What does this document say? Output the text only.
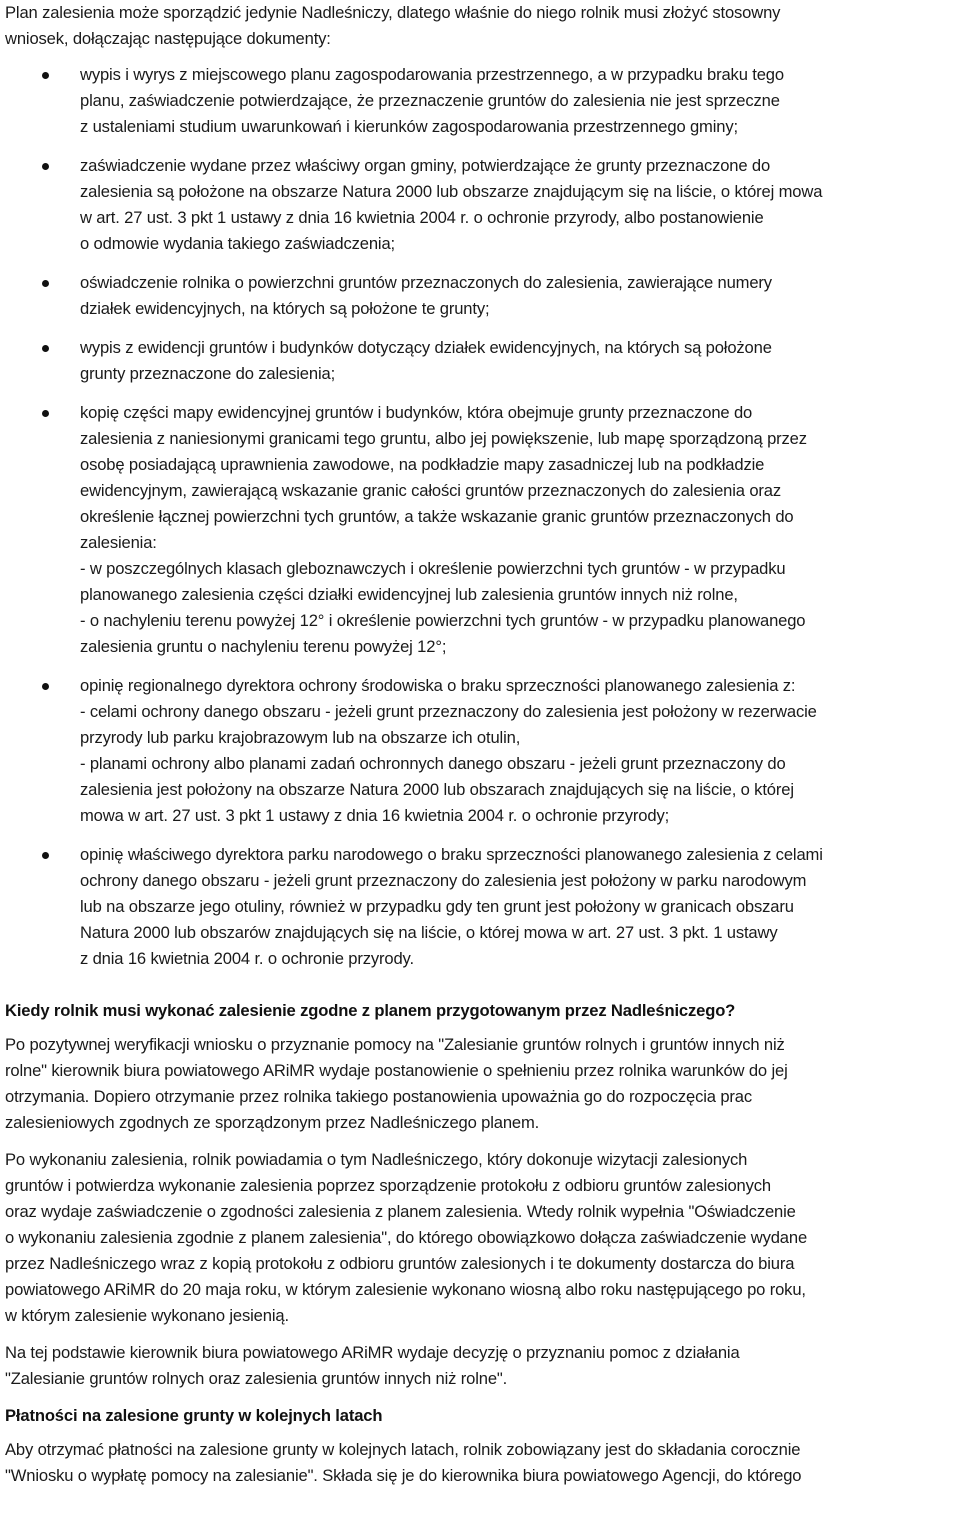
Plan zalesienia może sporządzić jedynie Nadleśniczy, dlatego właśnie do niego rolnik musi złożyć stosowny
wniosek, dołączając następujące dokumenty:

wypis i wyrys z miejscowego planu zagospodarowania przestrzennego, a w przypadku braku tego
planu, zaświadczenie potwierdzające, że przeznaczenie gruntów do zalesienia nie jest sprzeczne
z ustaleniami studium uwarunkowań i kierunków zagospodarowania przestrzennego gminy;
zaświadczenie wydane przez właściwy organ gminy, potwierdzające że grunty przeznaczone do
zalesienia są położone na obszarze Natura 2000 lub obszarze znajdującym się na liście, o której mowa
w art. 27 ust. 3 pkt 1 ustawy z dnia 16 kwietnia 2004 r. o ochronie przyrody, albo postanowienie
o odmowie wydania takiego zaświadczenia;
oświadczenie rolnika o powierzchni gruntów przeznaczonych do zalesienia, zawierające numery
działek ewidencyjnych, na których są położone te grunty;
wypis z ewidencji gruntów i budynków dotyczący działek ewidencyjnych, na których są położone
grunty przeznaczone do zalesienia;
kopię części mapy ewidencyjnej gruntów i budynków, która obejmuje grunty przeznaczone do
zalesienia z naniesionymi granicami tego gruntu, albo jej powiększenie, lub mapę sporządzoną przez
osobę posiadającą uprawnienia zawodowe, na podkładzie mapy zasadniczej lub na podkładzie
ewidencyjnym, zawierającą wskazanie granic całości gruntów przeznaczonych do zalesienia oraz
określenie łącznej powierzchni tych gruntów, a także wskazanie granic gruntów przeznaczonych do
zalesienia:
- w poszczególnych klasach gleboznawczych i określenie powierzchni tych gruntów - w przypadku
planowanego zalesienia części działki ewidencyjnej lub zalesienia gruntów innych niż rolne,
- o nachyleniu terenu powyżej 12° i określenie powierzchni tych gruntów - w przypadku planowanego
zalesienia gruntu o nachyleniu terenu powyżej 12°;
opinię regionalnego dyrektora ochrony środowiska o braku sprzeczności planowanego zalesienia z:
- celami ochrony danego obszaru - jeżeli grunt przeznaczony do zalesienia jest położony w rezerwacie
przyrody lub parku krajobrazowym lub na obszarze ich otulin,
- planami ochrony albo planami zadań ochronnych danego obszaru - jeżeli grunt przeznaczony do
zalesienia jest położony na obszarze Natura 2000 lub obszarach znajdujących się na liście, o której
mowa w art. 27 ust. 3 pkt 1 ustawy z dnia 16 kwietnia 2004 r. o ochronie przyrody;
opinię właściwego dyrektora parku narodowego o braku sprzeczności planowanego zalesienia z celami
ochrony danego obszaru - jeżeli grunt przeznaczony do zalesienia jest położony w parku narodowym
lub na obszarze jego otuliny, również w przypadku gdy ten grunt jest położony w granicach obszaru
Natura 2000 lub obszarów znajdujących się na liście, o której mowa w art. 27 ust. 3 pkt. 1 ustawy
z dnia 16 kwietnia 2004 r. o ochronie przyrody.

Kiedy rolnik musi wykonać zalesienie zgodne z planem przygotowanym przez Nadleśniczego?

Po pozytywnej weryfikacji wniosku o przyznanie pomocy na "Zalesianie gruntów rolnych i gruntów innych niż
rolne" kierownik biura powiatowego ARiMR wydaje postanowienie o spełnieniu przez rolnika warunków do jej
otrzymania. Dopiero otrzymanie przez rolnika takiego postanowienia upoważnia go do rozpoczęcia prac
zalesieniowych zgodnych ze sporządzonym przez Nadleśniczego planem.

Po wykonaniu zalesienia, rolnik powiadamia o tym Nadleśniczego, który dokonuje wizytacji zalesionych
gruntów i potwierdza wykonanie zalesienia poprzez sporządzenie protokołu z odbioru gruntów zalesionych
oraz wydaje zaświadczenie o zgodności zalesienia z planem zalesienia. Wtedy rolnik wypełnia "Oświadczenie
o wykonaniu zalesienia zgodnie z planem zalesienia", do którego obowiązkowo dołącza zaświadczenie wydane
przez Nadleśniczego wraz z kopią protokołu z odbioru gruntów zalesionych i te dokumenty dostarcza do biura
powiatowego ARiMR do 20 maja roku, w którym zalesienie wykonano wiosną albo roku następującego po roku,
w którym zalesienie wykonano jesienią.

Na tej podstawie kierownik biura powiatowego ARiMR wydaje decyzję o przyznaniu pomoc z działania
"Zalesianie gruntów rolnych oraz zalesienia gruntów innych niż rolne".

Płatności na zalesione grunty w kolejnych latach

Aby otrzymać płatności na zalesione grunty w kolejnych latach, rolnik zobowiązany jest do składania corocznie
"Wniosku o wypłatę pomocy na zalesianie". Składa się je do kierownika biura powiatowego Agencji, do którego
